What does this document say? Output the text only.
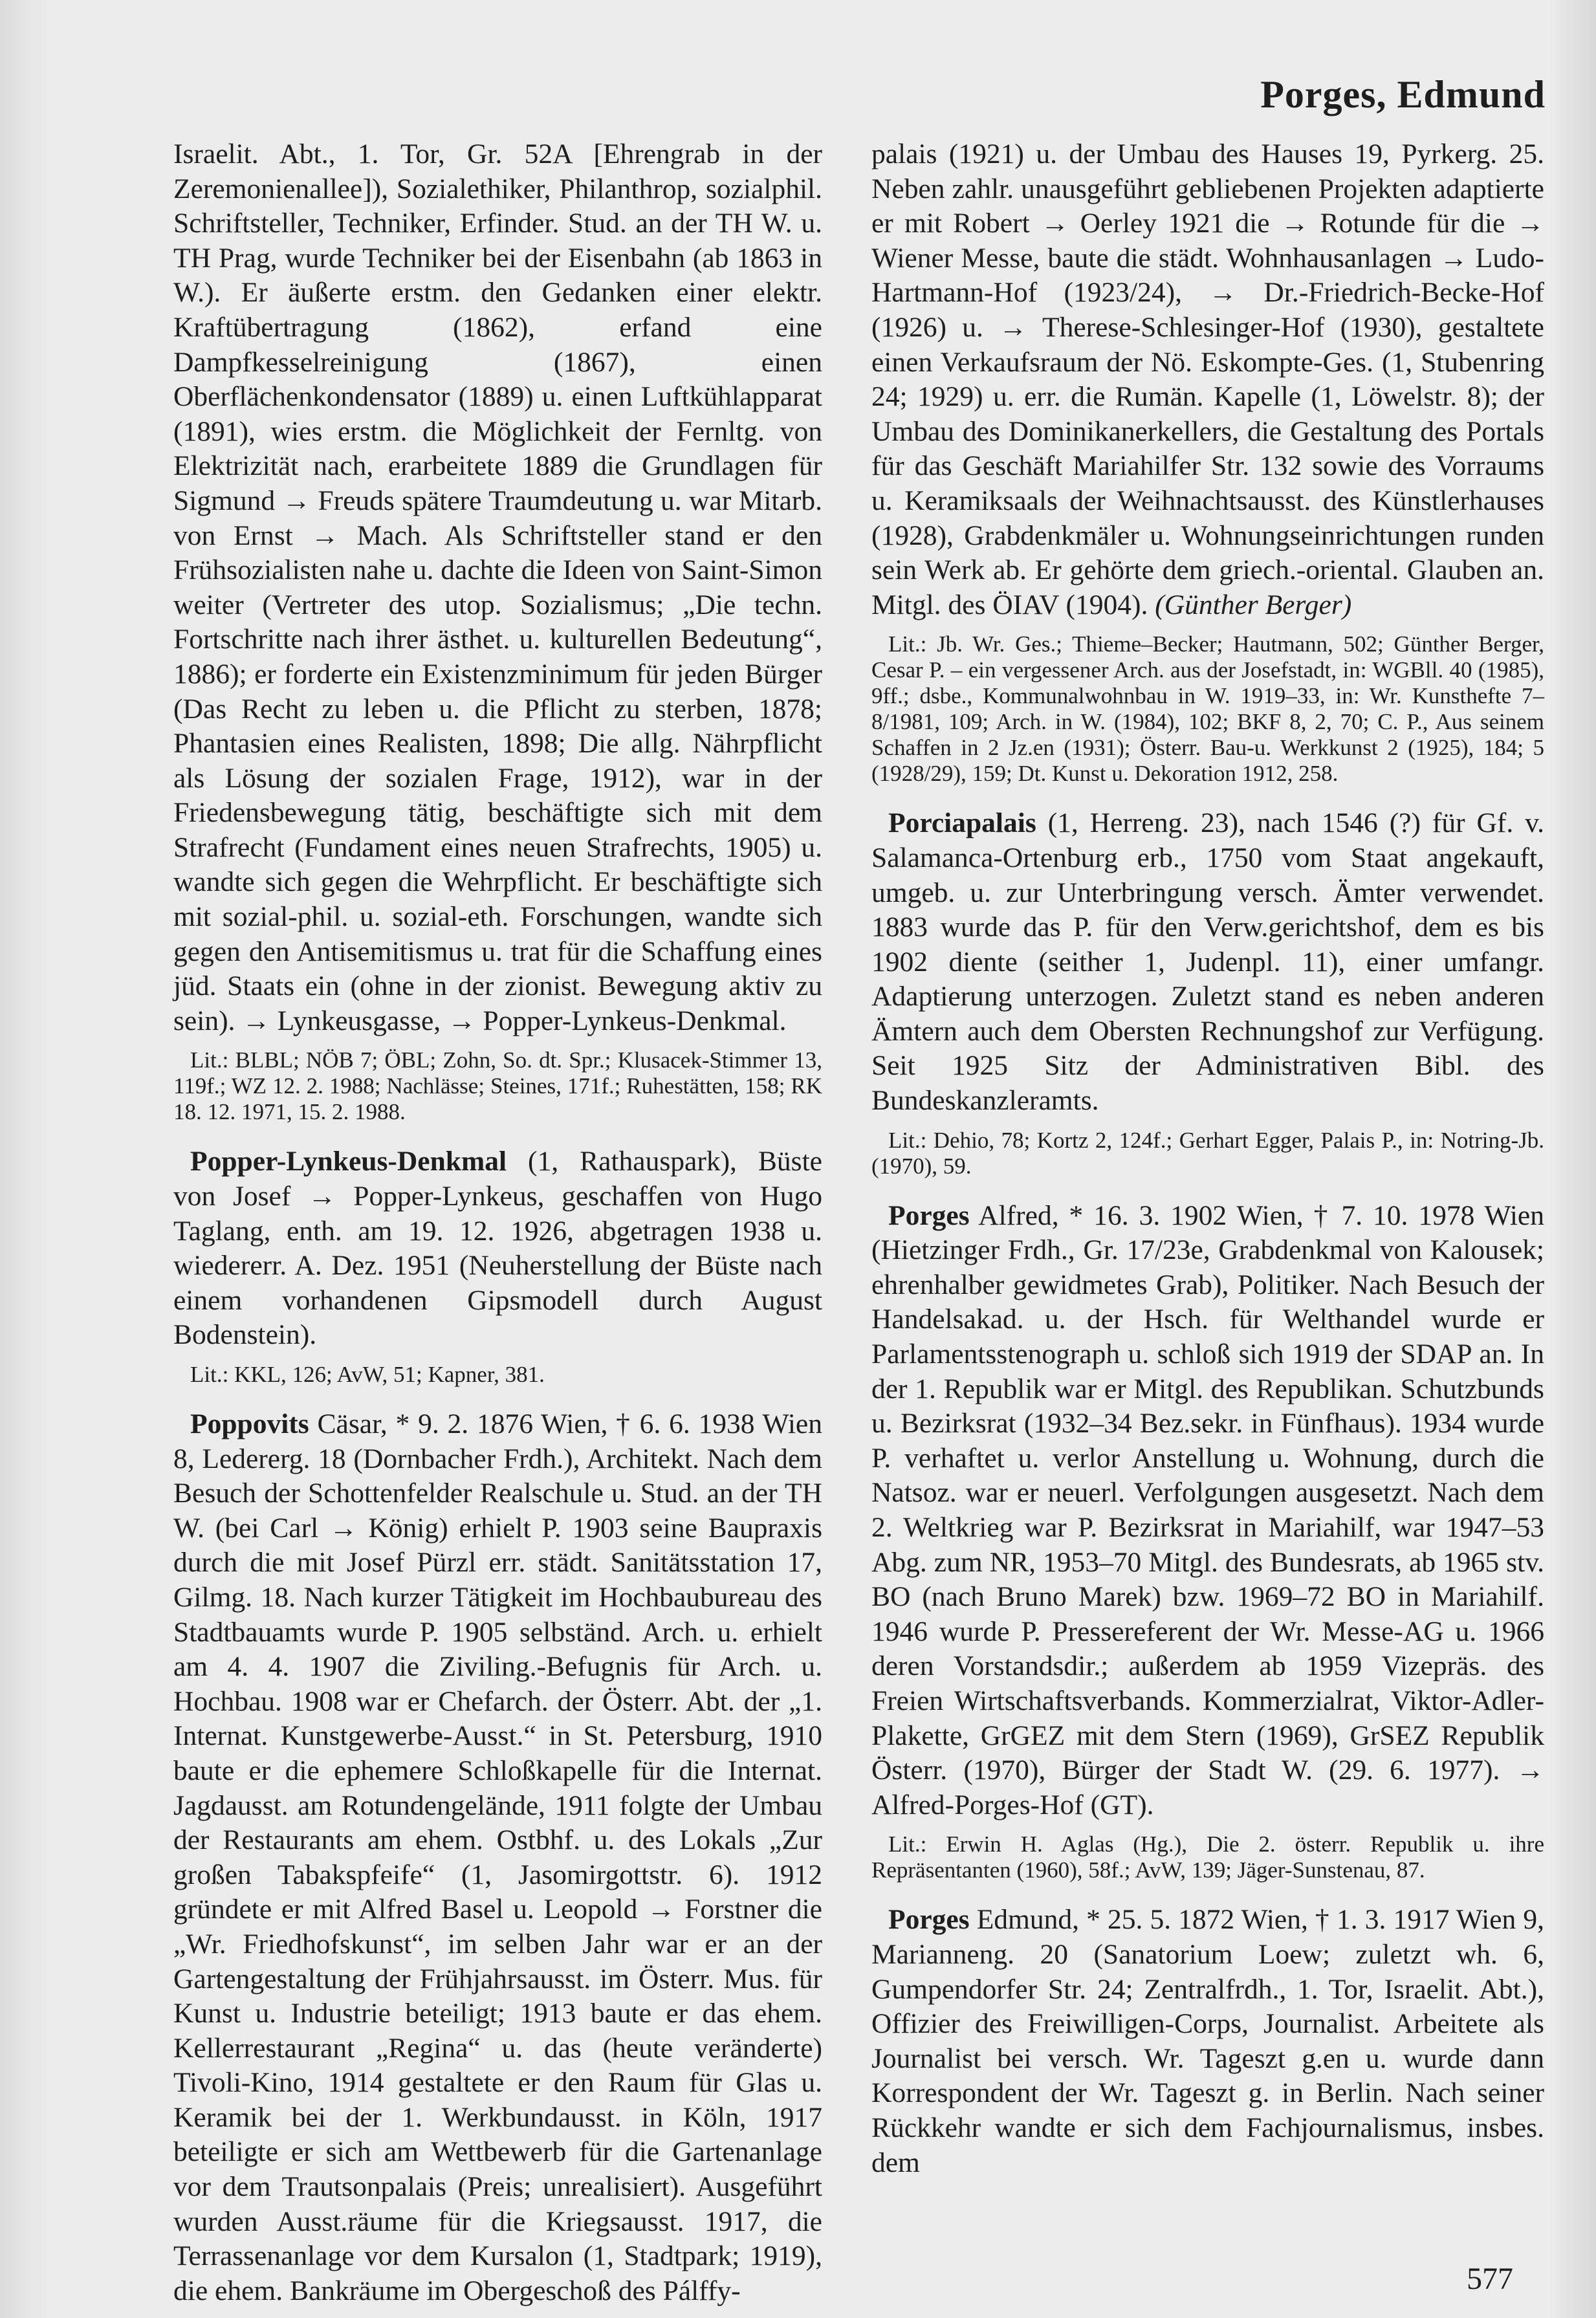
Porges, Edmund

Israelit. Abt., 1. Tor, Gr. 52A [Ehrengrab in der Zeremonienallee]), Sozialethiker, Philanthrop, sozialphil. Schriftsteller, Techniker, Erfinder. Stud. an der TH W. u. TH Prag, wurde Techniker bei der Eisenbahn (ab 1863 in W.). Er äußerte erstm. den Gedanken einer elektr. Kraftübertragung (1862), erfand eine Dampfkesselreinigung (1867), einen Oberflächenkondensator (1889) u. einen Luftkühlapparat (1891), wies erstm. die Möglichkeit der Fernltg. von Elektrizität nach, erarbeitete 1889 die Grundlagen für Sigmund → Freuds spätere Traumdeutung u. war Mitarb. von Ernst → Mach. Als Schriftsteller stand er den Frühsozialisten nahe u. dachte die Ideen von Saint-Simon weiter (Vertreter des utop. Sozialismus; „Die techn. Fortschritte nach ihrer ästhet. u. kulturellen Bedeutung“, 1886); er forderte ein Existenzminimum für jeden Bürger (Das Recht zu leben u. die Pflicht zu sterben, 1878; Phantasien eines Realisten, 1898; Die allg. Nährpflicht als Lösung der sozialen Frage, 1912), war in der Friedensbewegung tätig, beschäftigte sich mit dem Strafrecht (Fundament eines neuen Strafrechts, 1905) u. wandte sich gegen die Wehrpflicht. Er beschäftigte sich mit sozial-phil. u. sozial-eth. Forschungen, wandte sich gegen den Antisemitismus u. trat für die Schaffung eines jüd. Staats ein (ohne in der zionist. Bewegung aktiv zu sein). → Lynkeusgasse, → Popper-Lynkeus-Denkmal.

Lit.: BLBL; NÖB 7; ÖBL; Zohn, So. dt. Spr.; Klusacek-Stimmer 13, 119f.; WZ 12. 2. 1988; Nachlässe; Steines, 171f.; Ruhestätten, 158; RK 18. 12. 1971, 15. 2. 1988.

Popper-Lynkeus-Denkmal (1, Rathauspark), Büste von Josef → Popper-Lynkeus, geschaffen von Hugo Taglang, enth. am 19. 12. 1926, abgetragen 1938 u. wiedererr. A. Dez. 1951 (Neuherstellung der Büste nach einem vorhandenen Gipsmodell durch August Bodenstein).

Lit.: KKL, 126; AvW, 51; Kapner, 381.

Poppovits Cäsar, * 9. 2. 1876 Wien, † 6. 6. 1938 Wien 8, Ledererg. 18 (Dornbacher Frdh.), Architekt. Nach dem Besuch der Schottenfelder Realschule u. Stud. an der TH W. (bei Carl → König) erhielt P. 1903 seine Baupraxis durch die mit Josef Pürzl err. städt. Sanitätsstation 17, Gilmg. 18. Nach kurzer Tätigkeit im Hochbaubureau des Stadtbauamts wurde P. 1905 selbständ. Arch. u. erhielt am 4. 4. 1907 die Ziviling.-Befugnis für Arch. u. Hochbau. 1908 war er Chefarch. der Österr. Abt. der „1. Internat. Kunstgewerbe-Ausst.“ in St. Petersburg, 1910 baute er die ephemere Schloßkapelle für die Internat. Jagdausst. am Rotundengelände, 1911 folgte der Umbau der Restaurants am ehem. Ostbhf. u. des Lokals „Zur großen Tabakspfeife“ (1, Jasomirgottstr. 6). 1912 gründete er mit Alfred Basel u. Leopold → Forstner die „Wr. Friedhofskunst“, im selben Jahr war er an der Gartengestaltung der Frühjahrsausst. im Österr. Mus. für Kunst u. Industrie beteiligt; 1913 baute er das ehem. Kellerrestaurant „Regina“ u. das (heute veränderte) Tivoli-Kino, 1914 gestaltete er den Raum für Glas u. Keramik bei der 1. Werkbundausst. in Köln, 1917 beteiligte er sich am Wettbewerb für die Gartenanlage vor dem Trautsonpalais (Preis; unrealisiert). Ausgeführt wurden Ausst.räume für die Kriegsausst. 1917, die Terrassenanlage vor dem Kursalon (1, Stadtpark; 1919), die ehem. Bankräume im Obergeschoß des Pálffy-

palais (1921) u. der Umbau des Hauses 19, Pyrkerg. 25. Neben zahlr. unausgeführt gebliebenen Projekten adaptierte er mit Robert → Oerley 1921 die → Rotunde für die → Wiener Messe, baute die städt. Wohnhausanlagen → Ludo-Hartmann-Hof (1923/24), → Dr.-Friedrich-Becke-Hof (1926) u. → Therese-Schlesinger-Hof (1930), gestaltete einen Verkaufsraum der Nö. Eskompte-Ges. (1, Stubenring 24; 1929) u. err. die Rumän. Kapelle (1, Löwelstr. 8); der Umbau des Dominikanerkellers, die Gestaltung des Portals für das Geschäft Mariahilfer Str. 132 sowie des Vorraums u. Keramiksaals der Weihnachtsausst. des Künstlerhauses (1928), Grabdenkmäler u. Wohnungseinrichtungen runden sein Werk ab. Er gehörte dem griech.-oriental. Glauben an. Mitgl. des ÖIAV (1904). (Günther Berger)

Lit.: Jb. Wr. Ges.; Thieme–Becker; Hautmann, 502; Günther Berger, Cesar P. – ein vergessener Arch. aus der Josefstadt, in: WGBll. 40 (1985), 9ff.; dsbe., Kommunalwohnbau in W. 1919–33, in: Wr. Kunsthefte 7–8/1981, 109; Arch. in W. (1984), 102; BKF 8, 2, 70; C. P., Aus seinem Schaffen in 2 Jz.en (1931); Österr. Bau-u. Werkkunst 2 (1925), 184; 5 (1928/29), 159; Dt. Kunst u. Dekoration 1912, 258.

Porciapalais (1, Herreng. 23), nach 1546 (?) für Gf. v. Salamanca-Ortenburg erb., 1750 vom Staat angekauft, umgeb. u. zur Unterbringung versch. Ämter verwendet. 1883 wurde das P. für den Verw.gerichtshof, dem es bis 1902 diente (seither 1, Judenpl. 11), einer umfangr. Adaptierung unterzogen. Zuletzt stand es neben anderen Ämtern auch dem Obersten Rechnungshof zur Verfügung. Seit 1925 Sitz der Administrativen Bibl. des Bundeskanzleramts.

Lit.: Dehio, 78; Kortz 2, 124f.; Gerhart Egger, Palais P., in: Notring-Jb. (1970), 59.

Porges Alfred, * 16. 3. 1902 Wien, † 7. 10. 1978 Wien (Hietzinger Frdh., Gr. 17/23e, Grabdenkmal von Kalousek; ehrenhalber gewidmetes Grab), Politiker. Nach Besuch der Handelsakad. u. der Hsch. für Welthandel wurde er Parlamentsstenograph u. schloß sich 1919 der SDAP an. In der 1. Republik war er Mitgl. des Republikan. Schutzbunds u. Bezirksrat (1932–34 Bez.sekr. in Fünfhaus). 1934 wurde P. verhaftet u. verlor Anstellung u. Wohnung, durch die Natsoz. war er neuerl. Verfolgungen ausgesetzt. Nach dem 2. Weltkrieg war P. Bezirksrat in Mariahilf, war 1947–53 Abg. zum NR, 1953–70 Mitgl. des Bundesrats, ab 1965 stv. BO (nach Bruno Marek) bzw. 1969–72 BO in Mariahilf. 1946 wurde P. Pressereferent der Wr. Messe-AG u. 1966 deren Vorstandsdir.; außerdem ab 1959 Vizepräs. des Freien Wirtschaftsverbands. Kommerzialrat, Viktor-Adler-Plakette, GrGEZ mit dem Stern (1969), GrSEZ Republik Österr. (1970), Bürger der Stadt W. (29. 6. 1977). → Alfred-Porges-Hof (GT).

Lit.: Erwin H. Aglas (Hg.), Die 2. österr. Republik u. ihre Repräsentanten (1960), 58f.; AvW, 139; Jäger-Sunstenau, 87.

Porges Edmund, * 25. 5. 1872 Wien, † 1. 3. 1917 Wien 9, Marianneng. 20 (Sanatorium Loew; zuletzt wh. 6, Gumpendorfer Str. 24; Zentralfrdh., 1. Tor, Israelit. Abt.), Offizier des Freiwilligen-Corps, Journalist. Arbeitete als Journalist bei versch. Wr. Tageszt g.en u. wurde dann Korrespondent der Wr. Tageszt g. in Berlin. Nach seiner Rückkehr wandte er sich dem Fachjournalismus, insbes. dem

577
